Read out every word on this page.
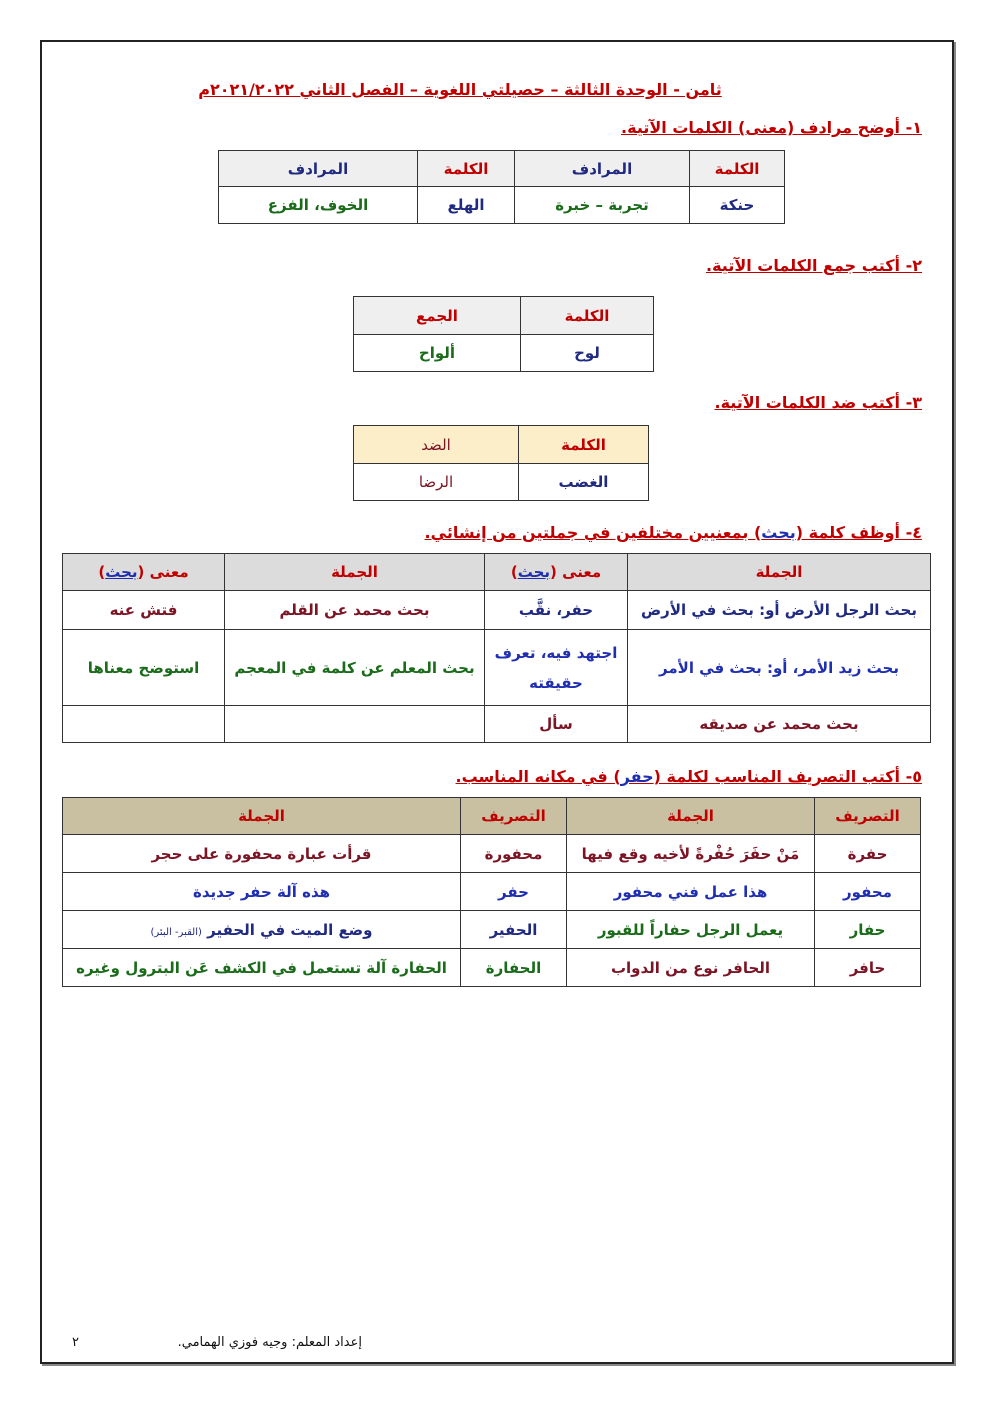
ثامن - الوحدة الثالثة – حصيلتي اللغوية – الفصل الثاني ٢٠٢١/٢٠٢٢م
١- أوضح مرادف (معنى) الكلمات الآتية.
الكلمة	المرادف	الكلمة	المرادف
حنكة	تجربة – خبرة	الهلع	الخوف، الفزع
٢- أكتب جمع الكلمات الآتية.
الكلمة	الجمع
لوح	ألواح
٣- أكتب ضد الكلمات الآتية.
الكلمة	الضد
الغضب	الرضا
٤- أوظف كلمة (بحث) بمعنيين مختلفين في جملتين من إنشائي.
الجملة	معنى (بحث)	الجملة	معنى (بحث)
بحث الرجل الأرض أو: بحث في الأرض	حفر، نقَّب	بحث محمد عن القلم	فتش عنه
بحث زيد الأمر، أو: بحث في الأمر	اجتهد فيه، تعرف حقيقته	بحث المعلم عن كلمة في المعجم	استوضح معناها
بحث محمد عن صديقه	سأل		
٥- أكتب التصريف المناسب لكلمة (حفر) في مكانه المناسب.
التصريف	الجملة	التصريف	الجملة
حفرة	مَنْ حفَرَ حُفْرةً لأخيه وقع فيها	محفورة	قرأت عبارة محفورة على حجر
محفور	هذا عمل فني محفور	حفر	هذه آلة حفر جديدة
حفار	يعمل الرجل حفاراً للقبور	الحفير	وضع الميت في الحفير (القبر- البئر)
حافر	الحافر نوع من الدواب	الحفارة	الحفارة آلة تستعمل في الكشف عَن البترول وغيره
إعداد المعلم: وجيه فوزي الهمامي.
٢
